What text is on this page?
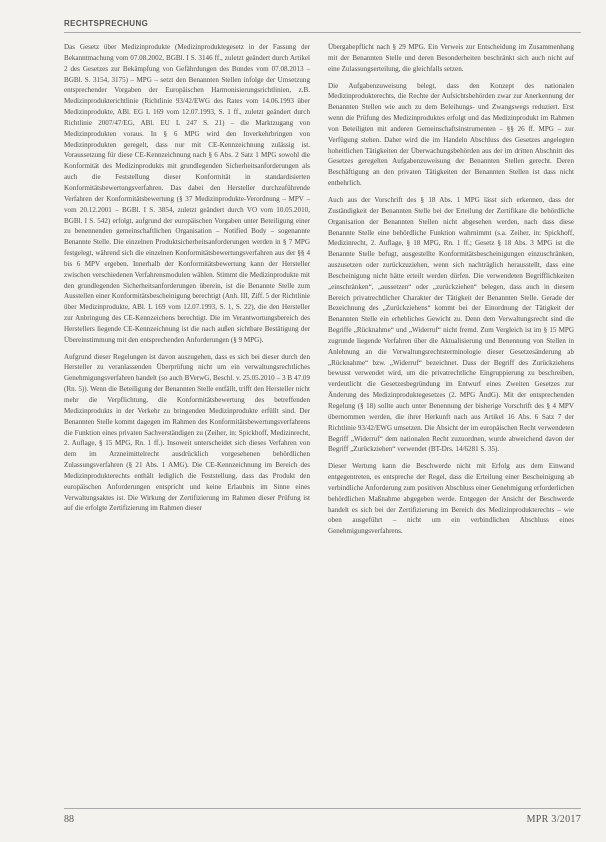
RECHTSPRECHUNG

Das Gesetz über Medizinprodukte (Medizinproduktegesetz in der Fassung der Bekanntmachung vom 07.08.2002, BGBl. I S. 3146 ff., zuletzt geändert durch Artikel 2 des Gesetzes zur Bekämpfung von Gefährdungen des Bundes vom 07.08.2013 – BGBl. S. 3154, 3175) – MPG – setzt den Benannten Stellen infolge der Umsetzung entsprechender Vorgaben der Europäischen Harmonisierungsrichtlinien, z.B. Medizinprodukterichtlinie (Richtlinie 93/42/EWG des Rates vom 14.06.1993 über Medizinprodukte, ABl. EG L 169 vom 12.07.1993, S. 1 ff., zuletzt geändert durch Richtlinie 2007/47/EG, ABl. EU L 247 S. 21) – die Marktzugang von Medizinprodukten voraus. In § 6 MPG wird den Inverkehrbringen von Medizinprodukten geregelt, dass nur mit CE-Kennzeichnung zulässig ist. Voraussetzung für diese CE-Kennzeichnung nach § 6 Abs. 2 Satz 1 MPG sowohl die Konformität des Medizinprodukts mit grundlegenden Sicherheitsanforderungen als auch die Feststellung dieser Konformität in standardisierten Konformitätsbewertungsverfahren. Das dabei den Hersteller durchzuführende Verfahren der Konformitätsbewertung (§ 37 Medizinprodukte-Verordnung – MPV – vom 20.12.2001 – BGBl. I S. 3854, zuletzt geändert durch VO vom 10.05.2010, BGBl. I S. 542) erfolgt, aufgrund der europäischen Vorgaben unter Beteiligung einer zu benennenden gemeinschaftlichen Organisation – Notified Body – sogenannte Benannte Stelle. Die einzelnen Produktsicherheitsanforderungen werden in § 7 MPG festgelegt, während sich die einzelnen Konformitätsbewertungsverfahren aus der §§ 4 bis 6 MPV ergeben. Innerhalb der Konformitätsbewertung kann der Hersteller zwischen verschiedenen Verfahrensmodulen wählen. Stimmt die Medizinprodukte mit den grundlegenden Sicherheitsanforderungen überein, ist die Benannte Stelle zum Ausstellen einer Konformitätsbescheinigung berechtigt (Anh. III, Ziff. 5 der Richtlinie über Medizinprodukte, ABl. L 169 vom 12.07.1993, S. 1, S. 22), die den Hersteller zur Anbringung des CE-Kennzeichens berechtigt. Die im Verantwortungsbereich des Herstellers liegende CE-Kennzeichnung ist die nach außen sichtbare Bestätigung der Übereinstimmung mit den entsprechenden Anforderungen (§ 9 MPG).

Aufgrund dieser Regelungen ist davon auszugehen, dass es sich bei dieser durch den Hersteller zu veranlassenden Überprüfung nicht um ein verwaltungsrechtliches Genehmigungsverfahren handelt (so auch BVerwG, Beschl. v. 25.05.2010 – 3 B 47.09 (Rn. 5)). Wenn die Beteiligung der Benannten Stelle entfällt, trifft den Hersteller nicht mehr die Verpflichtung, die Konformitätsbewertung des betreffenden Medizinprodukts in der Verkehr zu bringenden Medizinprodukte erfüllt sind. Der Benannten Stelle kommt dagegen im Rahmen des Konformitätsbewertungsverfahrens die Funktion eines privaten Sachverständigen zu (Zeiher, in: Spickhoff, Medizinrecht, 2. Auflage, § 15 MPG, Rn. 1 ff.). Insoweit unterscheidet sich dieses Verfahren von dem im Arzneimittelrecht ausdrücklich vorgesehenen behördlichen Zulassungsverfahren (§ 21 Abs. 1 AMG). Die CE-Kennzeichnung im Bereich des Medizinprodukterechts enthält lediglich die Feststellung, dass das Produkt den europäischen Anforderungen entspricht und keine Erlaubnis im Sinne eines Verwaltungsaktes ist. Die Wirkung der Zertifizierung im Rahmen dieser Prüfung ist auf die erfolgte Zertifizierung im Rahmen dieser

Übergabepflicht nach § 29 MPG. Ein Verweis zur Entscheidung im Zusammenhang mit der Benannten Stelle und deren Besonderheiten beschränkt sich auch nicht auf eine Zulassungserteilung, die gleichfalls setzen.

Die Aufgabenzuweisung belegt, dass den Konzept des nationalen Medizinprodukterechts, die Rechte der Aufsichtsbehörden zwar zur Anerkennung der Benannten Stellen wie auch zu dem Beleihungs- und Zwangswegs reduziert. Erst wenn die Prüfung des Medizinproduktes erfolgt und das Medizinprodukt im Rahmen von Beteiligten mit anderen Gemeinschaftsinstrumenten – §§ 26 ff. MPG – zur Verfügung stehen. Daher wird die im Handeln Abschluss des Gesetzes angelegten hoheitlichen Tätigkeiten der Überwachungsbehörden aus der im dritten Abschnitt des Gesetzes geregelten Aufgabenzuweisung der Benannten Stellen gerecht. Deren Beschäftigung an den privaten Tätigkeiten der Benannten Stellen ist dass nicht entbehrlich.

Auch aus der Vorschrift des § 18 Abs. 1 MPG lässt sich erkennen, dass der Zuständigkeit der Benannten Stelle bei der Erteilung der Zertifikate die behördliche Organisation der Benannten Stellen nicht abgesehen werden, nach dass diese Benannte Stelle eine behördliche Funktion wahrnimmt (s.a. Zeiher, in: Spickhoff, Medizinrecht, 2. Auflage, § 18 MPG, Rn. 1 ff.; Gesetz § 18 Abs. 3 MPG ist die Benannte Stelle befugt, ausgestellte Konformitätsbescheinigungen einzuschränken, auszusetzen oder zurückzuziehen, wenn sich nachträglich herausstellt, dass eine Bescheinigung nicht hätte erteilt werden dürfen. Die verwendeten Begrifflichkeiten „einschränken“, „aussetzen“ oder „zurückziehen“ belegen, dass auch in diesem Bereich privatrechtlicher Charakter der Tätigkeit der Benannten Stelle. Gerade der Bezeichnung des „Zurückziehens“ kommt bei der Einordnung der Tätigkeit der Benannten Stelle ein erhebliches Gewicht zu. Denn dem Verwaltungsrecht sind die Begriffe „Rücknahme“ und „Widerruf“ nicht fremd. Zum Vergleich ist im § 15 MPG zugrunde liegende Verfahren über die Aktualisierung und Benennung von Stellen in Anlehnung an die Verwaltungsrechtsterminologie dieser Gesetzesänderung ab „Rücknahme“ bzw. „Widerruf“ bezeichnet. Dass der Begriff des Zurückziehens bewusst verwendet wird, um die privatrechtliche Eingruppierung zu beschreiben, verdeutlicht die Gesetzesbegründung im Entwurf eines Zweiten Gesetzes zur Änderung des Medizinproduktegesetzes (2. MPG ÄndG). Mit der entsprechenden Regelung (§ 18) sollte auch unter Benennung der bisherige Vorschrift des § 4 MPV übernommen werden, die ihrer Herkunft nach aus Artikel 16 Abs. 6 Satz 7 der Richtlinie 93/42/EWG umsetzen. Die Absicht der im europäischen Recht verwendeten Begriff „Widerruf“ dem nationalen Recht zuzuordnen, wurde abweichend davon der Begriff „Zurückziehen“ verwendet (BT-Drs. 14/6281 S. 35).

Dieser Wertung kann die Beschwerde nicht mit Erfolg aus dem Einwand entgegentreten, es entspreche der Regel, dass die Erteilung einer Bescheinigung ab verbindliche Anforderung zum positiven Abschluss einer Genehmigung erforderlichen behördlichen Maßnahme abgegeben werde. Entgegen der Ansicht der Beschwerde handelt es sich bei der Zertifizierung im Bereich des Medizinprodukterechts – wie oben ausgeführt – nicht um ein verbindlichen Abschluss eines Genehmigungsverfahrens.

88	MPR 3/2017
